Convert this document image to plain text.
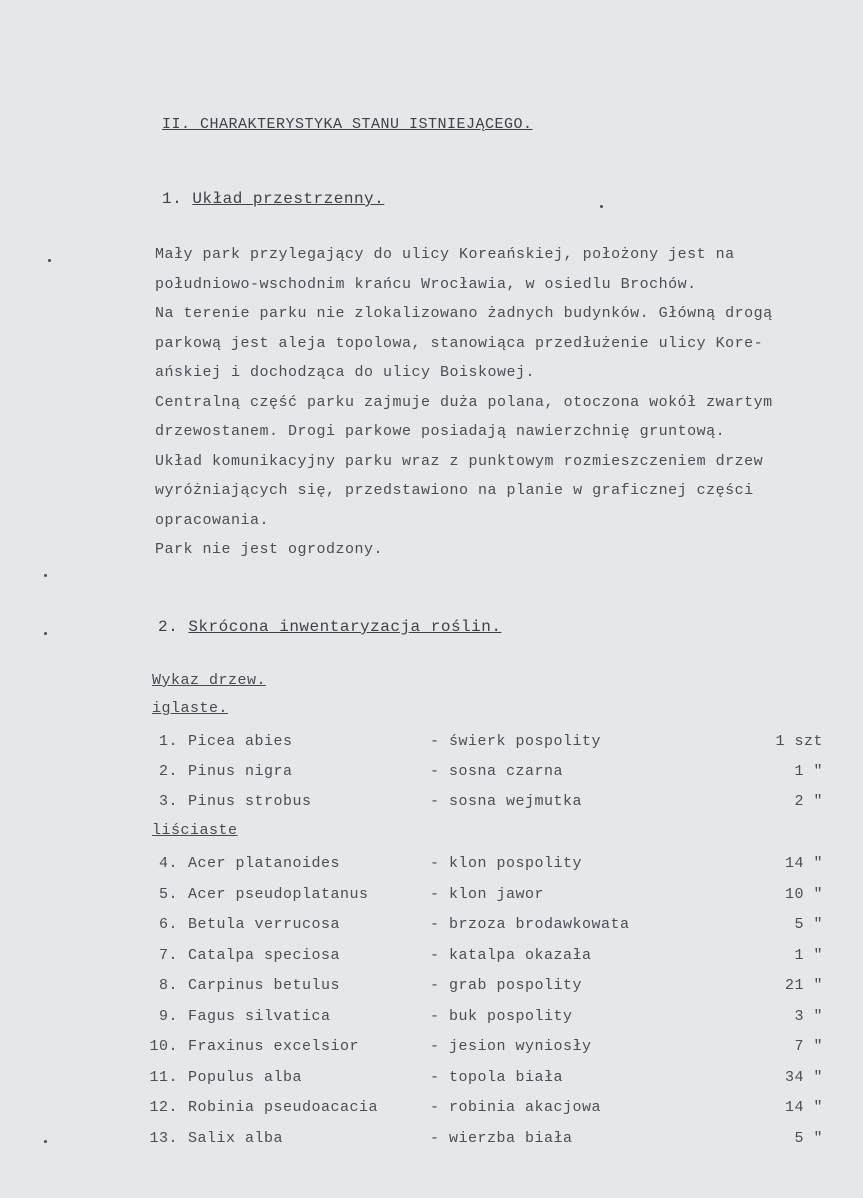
II. CHARAKTERYSTYKA STANU ISTNIEJĄCEGO.
1. Układ przestrzenny.

Mały park przylegający do ulicy Koreańskiej, położony jest na

południowo-wschodnim krańcu Wrocławia, w osiedlu Brochów.

Na terenie parku nie zlokalizowano żadnych budynków. Główną drogą

parkową jest aleja topolowa, stanowiąca przedłużenie ulicy Kore-

ańskiej i dochodząca do ulicy Boiskowej.

Centralną część parku zajmuje duża polana, otoczona wokół zwartym

drzewostanem. Drogi parkowe posiadają nawierzchnię gruntową.

Układ komunikacyjny parku wraz z punktowym rozmieszczeniem drzew

wyróżniających się, przedstawiono na planie w graficznej części

opracowania.

Park nie jest ogrodzony.

2. Skrócona inwentaryzacja roślin.
Wykaz drzew.
iglaste.
1. Picea abies	- świerk pospolity	1 szt
2. Pinus nigra	- sosna czarna	1 "
3. Pinus strobus	- sosna wejmutka	2 "
liściaste
4. Acer platanoides	- klon pospolity	14 "
5. Acer pseudoplatanus	- klon jawor	10 "
6. Betula verrucosa	- brzoza brodawkowata	5 "
7. Catalpa speciosa	- katalpa okazała	1 "
8. Carpinus betulus	- grab pospolity	21 "
9. Fagus silvatica	- buk pospolity	3 "
10. Fraxinus excelsior	- jesion wyniosły	7 "
11. Populus alba	- topola biała	34 "
12. Robinia pseudoacacia	- robinia akacjowa	14 "
13. Salix alba	- wierzba biała	5 "
